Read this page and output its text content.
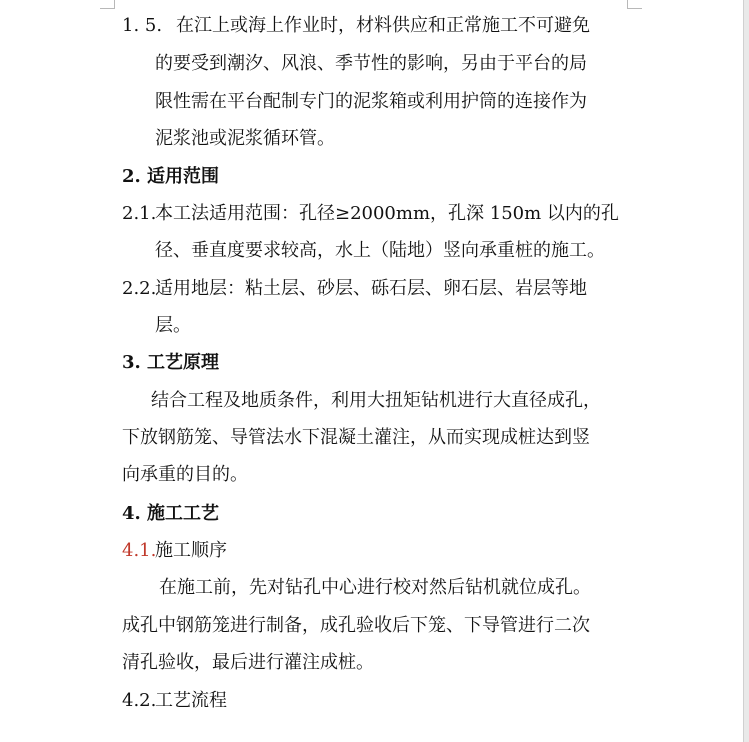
1. 5. 在江上或海上作业时，材料供应和正常施工不可避免
的要受到潮汐、风浪、季节性的影响，另由于平台的局
限性需在平台配制专门的泥浆箱或利用护筒的连接作为
泥浆池或泥浆循环管。
2. 适用范围
2.1.
本工法适用范围：孔径≥2000mm，孔深 150m 以内的孔
径、垂直度要求较高，水上（陆地）竖向承重桩的施工。
2.2.
适用地层：粘土层、砂层、砾石层、卵石层、岩层等地
层。
3. 工艺原理
结合工程及地质条件，利用大扭矩钻机进行大直径成孔，
下放钢筋笼、导管法水下混凝土灌注，从而实现成桩达到竖
向承重的目的。
4. 施工工艺
4.1.
施工顺序
在施工前，先对钻孔中心进行校对然后钻机就位成孔。
成孔中钢筋笼进行制备，成孔验收后下笼、下导管进行二次
清孔验收，最后进行灌注成桩。
4.2.
工艺流程
